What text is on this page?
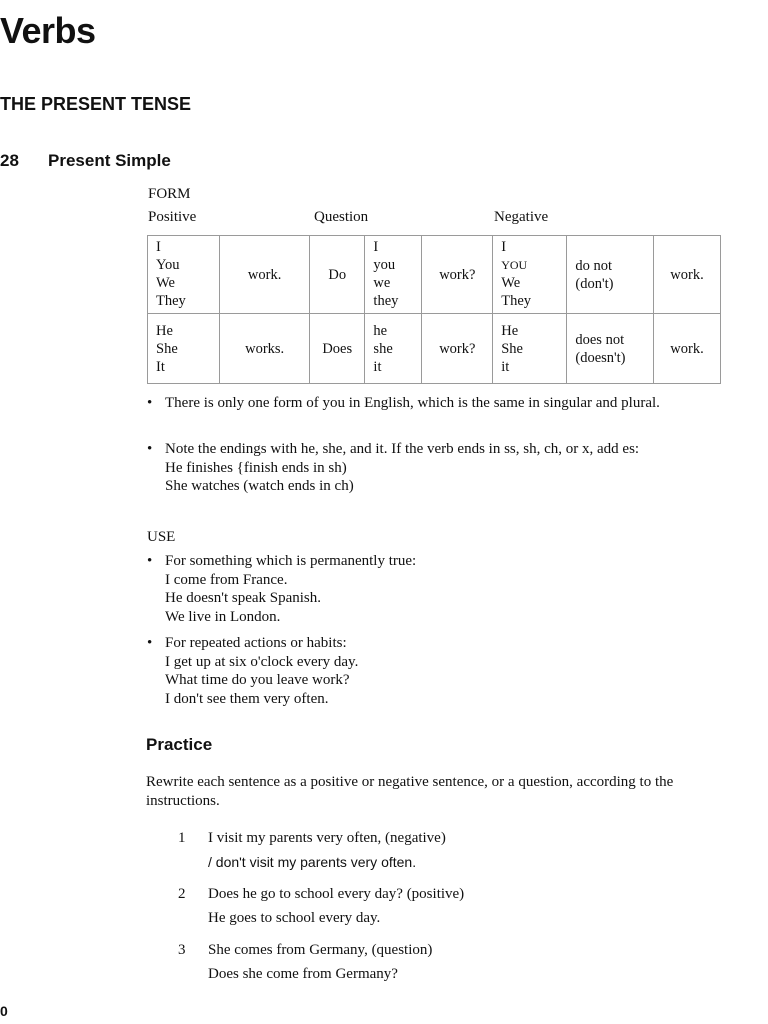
Verbs
THE PRESENT TENSE
28 Present Simple
FORM
Positive	Question	Negative
I
You
We
They	work.	Do	I
you
we
they	work?	I
YOU
We
They	do not
(don't)	work.

He
She
It	works.	Does	he
she
it	work?	He
She
it	does not
(doesn't)	work.
• There is only one form of you in English, which is the same in singular and plural.
• Note the endings with he, she, and it. If the verb ends in ss, sh, ch, or x, add es:
He finishes {finish ends in sh)
She watches (watch ends in ch)
USE
• For something which is permanently true:
I come from France.
He doesn't speak Spanish.
We live in London.
• For repeated actions or habits:
I get up at six o'clock every day.
What time do you leave work?
I don't see them very often.
Practice
Rewrite each sentence as a positive or negative sentence, or a question, according to the instructions.
1 I visit my parents very often, (negative)
/ don't visit my parents very often.
2 Does he go to school every day? (positive)
He goes to school every day.
3 She comes from Germany, (question)
Does she come from Germany?
0
